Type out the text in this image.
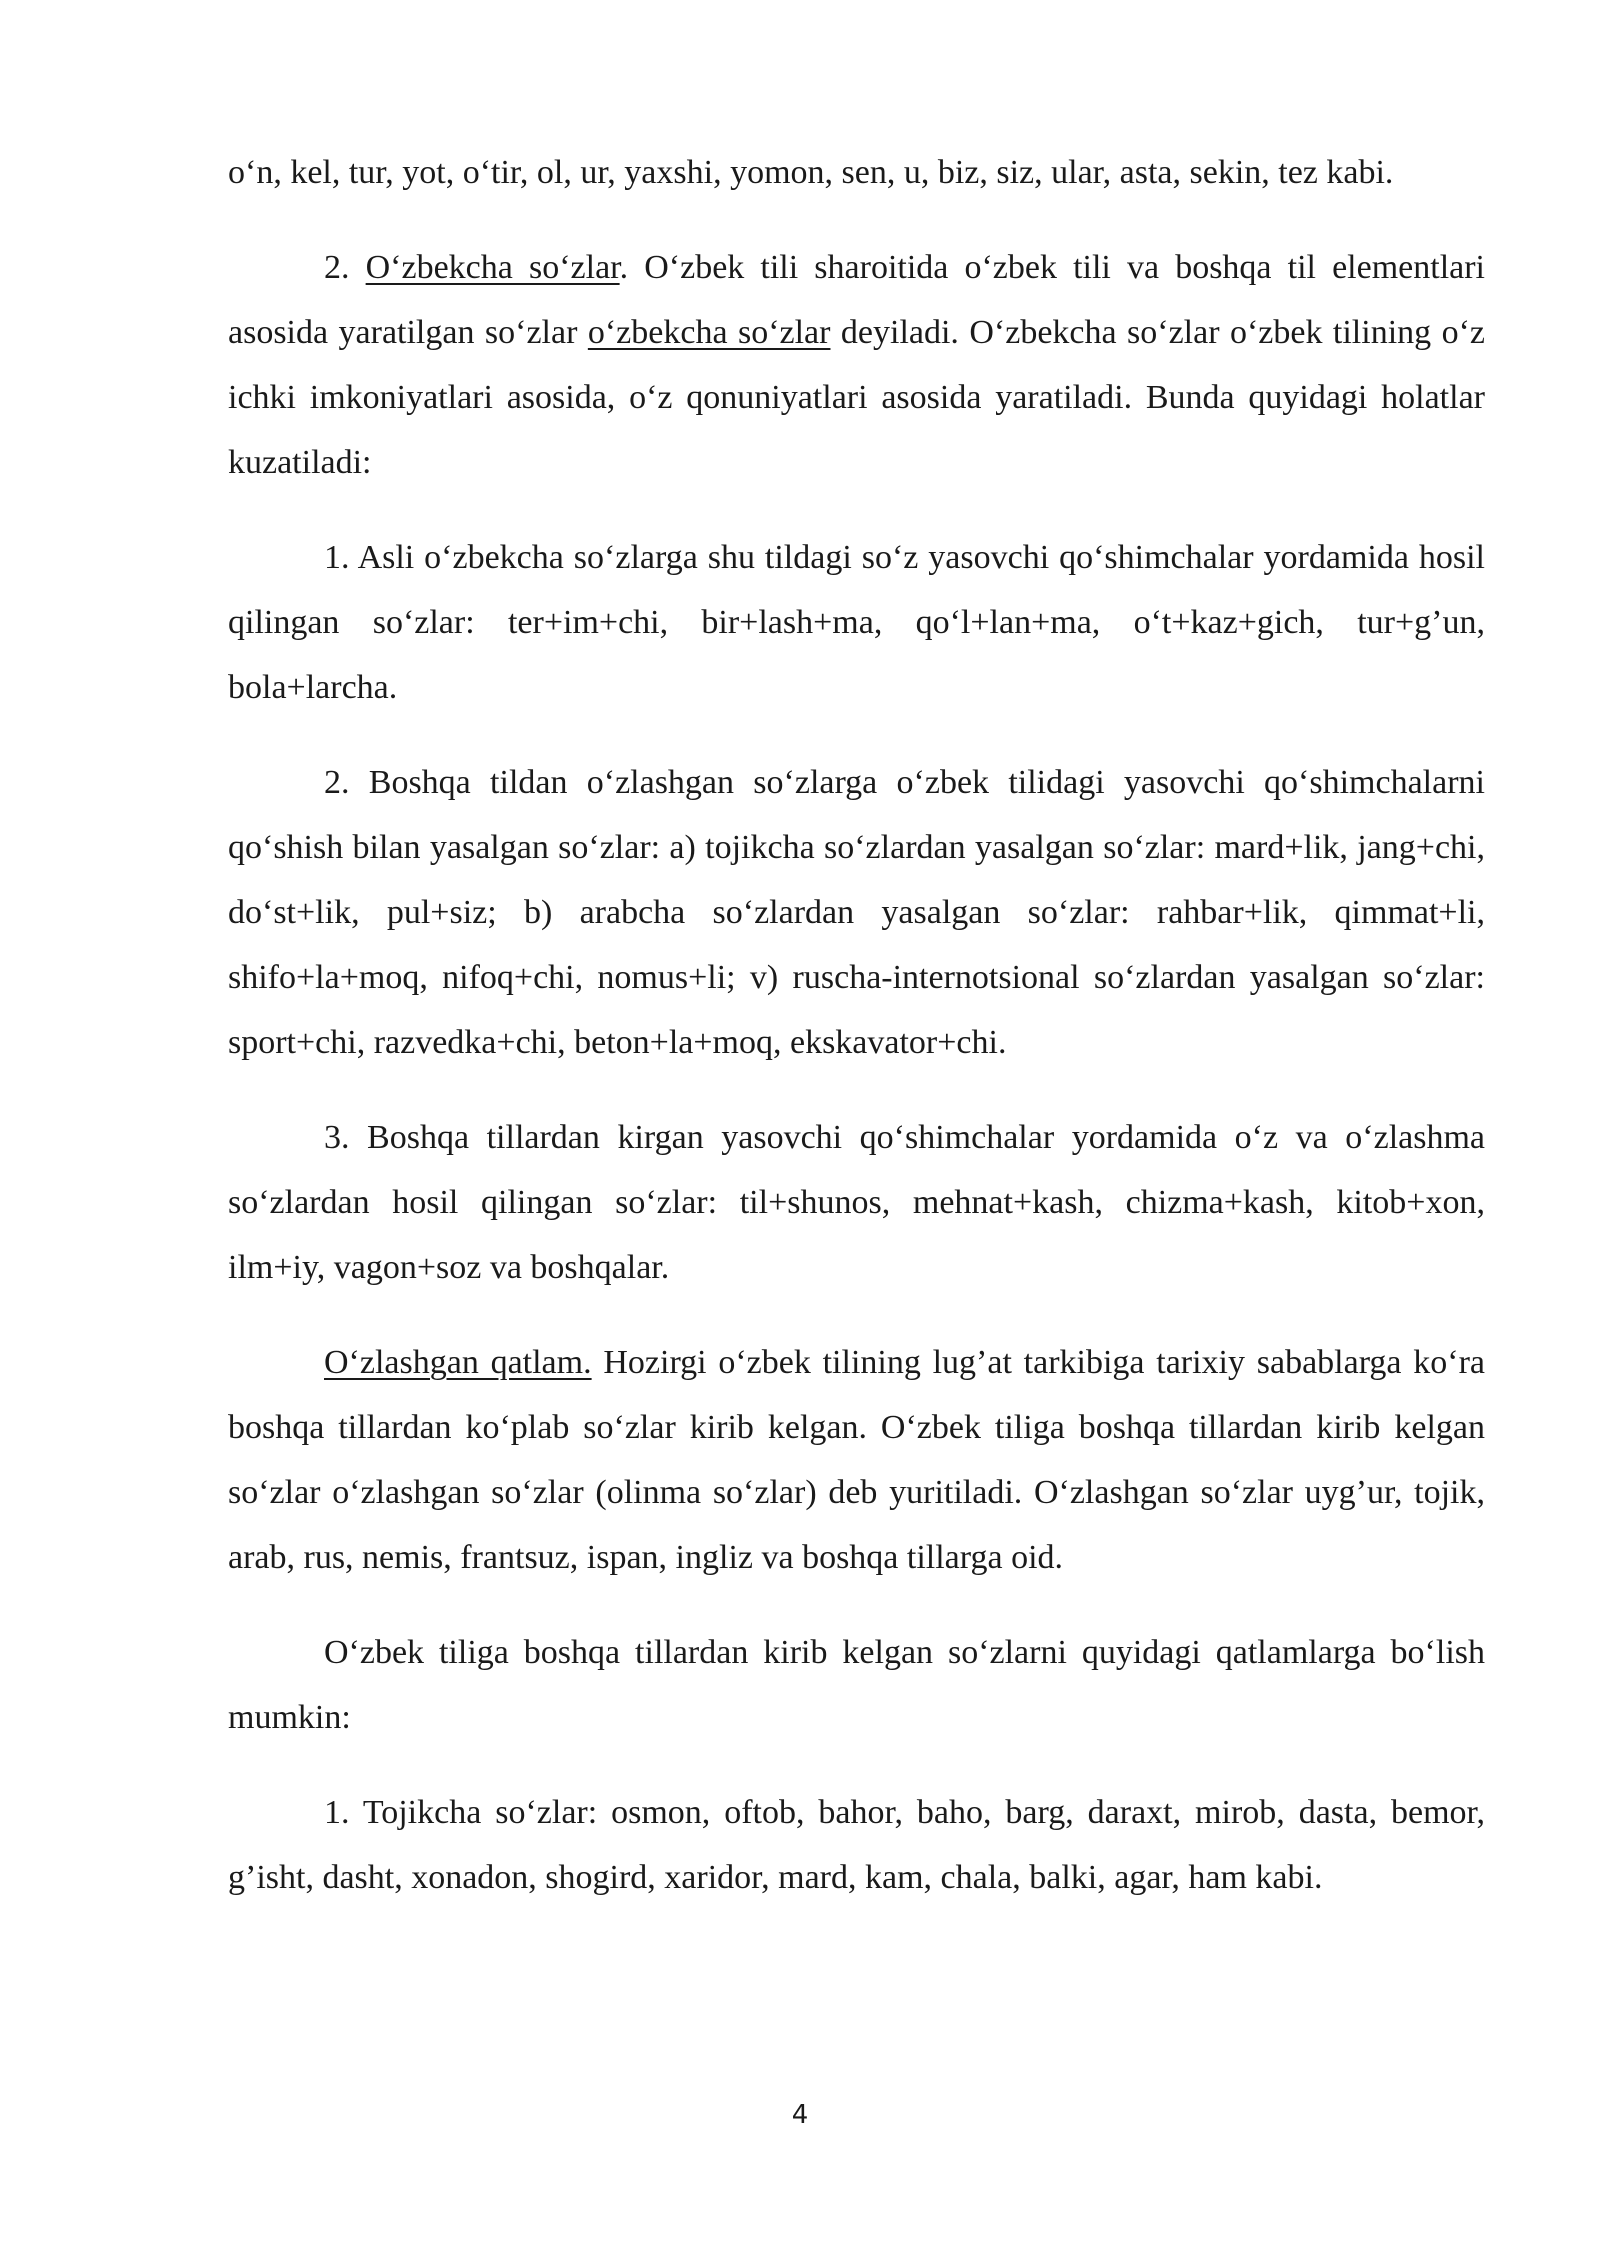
o‘n, kel, tur, yot, o‘tir, ol, ur, yaxshi, yomon, sen, u, biz, siz, ular, asta, sekin, tez kabi.

2. O‘zbekcha so‘zlar. O‘zbek tili sharoitida o‘zbek tili va boshqa til elementlari asosida yaratilgan so‘zlar o‘zbekcha so‘zlar deyiladi. O‘zbekcha so‘zlar o‘zbek tilining o‘z ichki imkoniyatlari asosida, o‘z qonuniyatlari asosida yaratiladi. Bunda quyidagi holatlar kuzatiladi:

1. Asli o‘zbekcha so‘zlarga shu tildagi so‘z yasovchi qo‘shimchalar yordamida hosil qilingan so‘zlar: ter+im+chi, bir+lash+ma, qo‘l+lan+ma, o‘t+kaz+gich, tur+g’un, bola+larcha.

2. Boshqa tildan o‘zlashgan so‘zlarga o‘zbek tilidagi yasovchi qo‘shimchalarni qo‘shish bilan yasalgan so‘zlar: a) tojikcha so‘zlardan yasalgan so‘zlar: mard+lik, jang+chi, do‘st+lik, pul+siz; b) arabcha so‘zlardan yasalgan so‘zlar: rahbar+lik, qimmat+li, shifo+la+moq, nifoq+chi, nomus+li; v) ruscha-internotsional so‘zlardan yasalgan so‘zlar: sport+chi, razvedka+chi, beton+la+moq, ekskavator+chi.

3. Boshqa tillardan kirgan yasovchi qo‘shimchalar yordamida o‘z va o‘zlashma so‘zlardan hosil qilingan so‘zlar: til+shunos, mehnat+kash, chizma+kash, kitob+xon, ilm+iy, vagon+soz va boshqalar.

O‘zlashgan qatlam. Hozirgi o‘zbek tilining lug’at tarkibiga tarixiy sabablarga ko‘ra boshqa tillardan ko‘plab so‘zlar kirib kelgan. O‘zbek tiliga boshqa tillardan kirib kelgan so‘zlar o‘zlashgan so‘zlar (olinma so‘zlar) deb yuritiladi. O‘zlashgan so‘zlar uyg’ur, tojik, arab, rus, nemis, frantsuz, ispan, ingliz va boshqa tillarga oid.

O‘zbek tiliga boshqa tillardan kirib kelgan so‘zlarni quyidagi qatlamlarga bo‘lish mumkin:

1. Tojikcha so‘zlar: osmon, oftob, bahor, baho, barg, daraxt, mirob, dasta, bemor, g’isht, dasht, xonadon, shogird, xaridor, mard, kam, chala, balki, agar, ham kabi.

4
